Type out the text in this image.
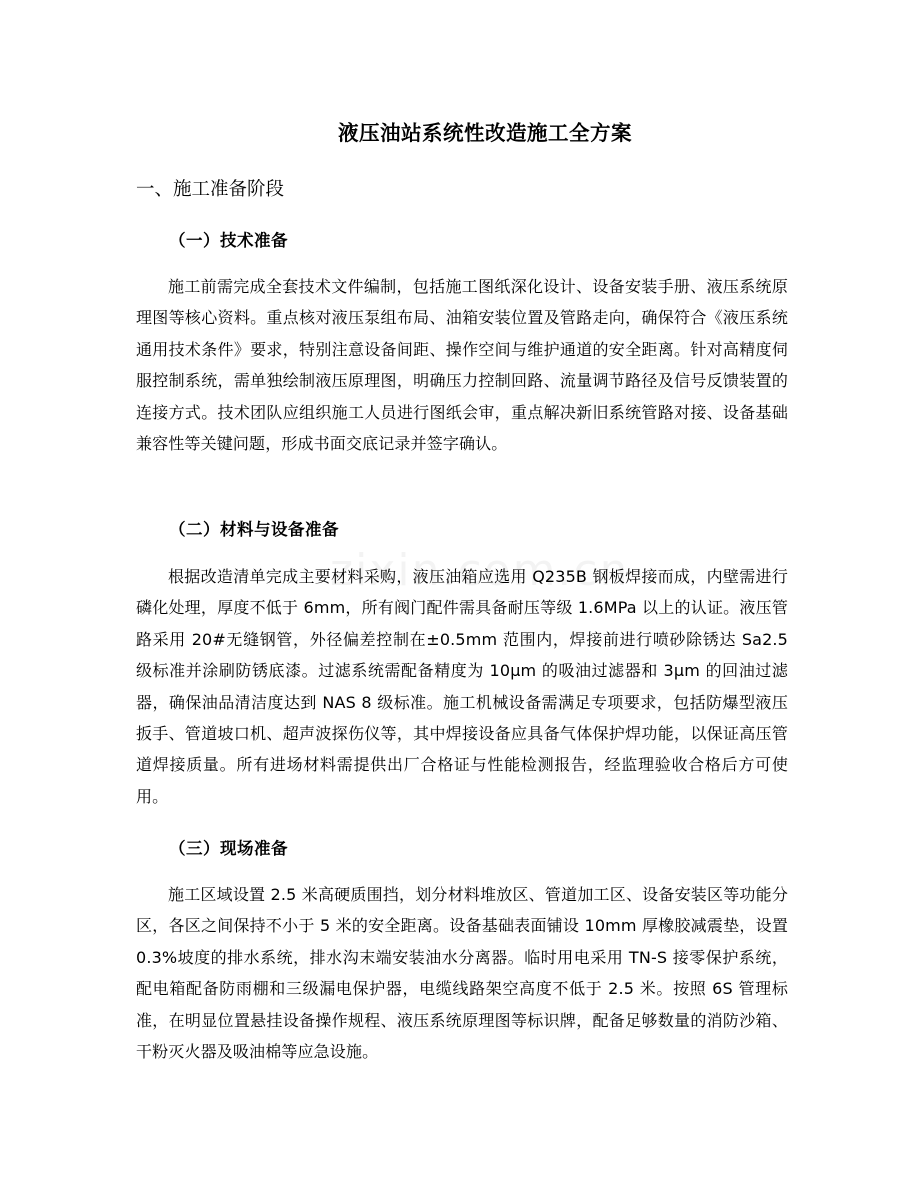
液压油站系统性改造施工全方案
一、施工准备阶段
（一）技术准备
施工前需完成全套技术文件编制，包括施工图纸深化设计、设备安装手册、液压系统原理图等核心资料。重点核对液压泵组布局、油箱安装位置及管路走向，确保符合《液压系统通用技术条件》要求，特别注意设备间距、操作空间与维护通道的安全距离。针对高精度伺服控制系统，需单独绘制液压原理图，明确压力控制回路、流量调节路径及信号反馈装置的连接方式。技术团队应组织施工人员进行图纸会审，重点解决新旧系统管路对接、设备基础兼容性等关键问题，形成书面交底记录并签字确认。
（二）材料与设备准备
根据改造清单完成主要材料采购，液压油箱应选用 Q235B 钢板焊接而成，内壁需进行磷化处理，厚度不低于 6mm，所有阀门配件需具备耐压等级 1.6MPa 以上的认证。液压管路采用 20#无缝钢管，外径偏差控制在±0.5mm 范围内，焊接前进行喷砂除锈达 Sa2.5 级标准并涂刷防锈底漆。过滤系统需配备精度为 10μm 的吸油过滤器和 3μm 的回油过滤器，确保油品清洁度达到 NAS 8 级标准。施工机械设备需满足专项要求，包括防爆型液压扳手、管道坡口机、超声波探伤仪等，其中焊接设备应具备气体保护焊功能，以保证高压管道焊接质量。所有进场材料需提供出厂合格证与性能检测报告，经监理验收合格后方可使用。
（三）现场准备
施工区域设置 2.5 米高硬质围挡，划分材料堆放区、管道加工区、设备安装区等功能分区，各区之间保持不小于 5 米的安全距离。设备基础表面铺设 10mm 厚橡胶减震垫，设置 0.3%坡度的排水系统，排水沟末端安装油水分离器。临时用电采用 TN-S 接零保护系统，配电箱配备防雨棚和三级漏电保护器，电缆线路架空高度不低于 2.5 米。按照 6S 管理标准，在明显位置悬挂设备操作规程、液压系统原理图等标识牌，配备足够数量的消防沙箱、干粉灭火器及吸油棉等应急设施。
